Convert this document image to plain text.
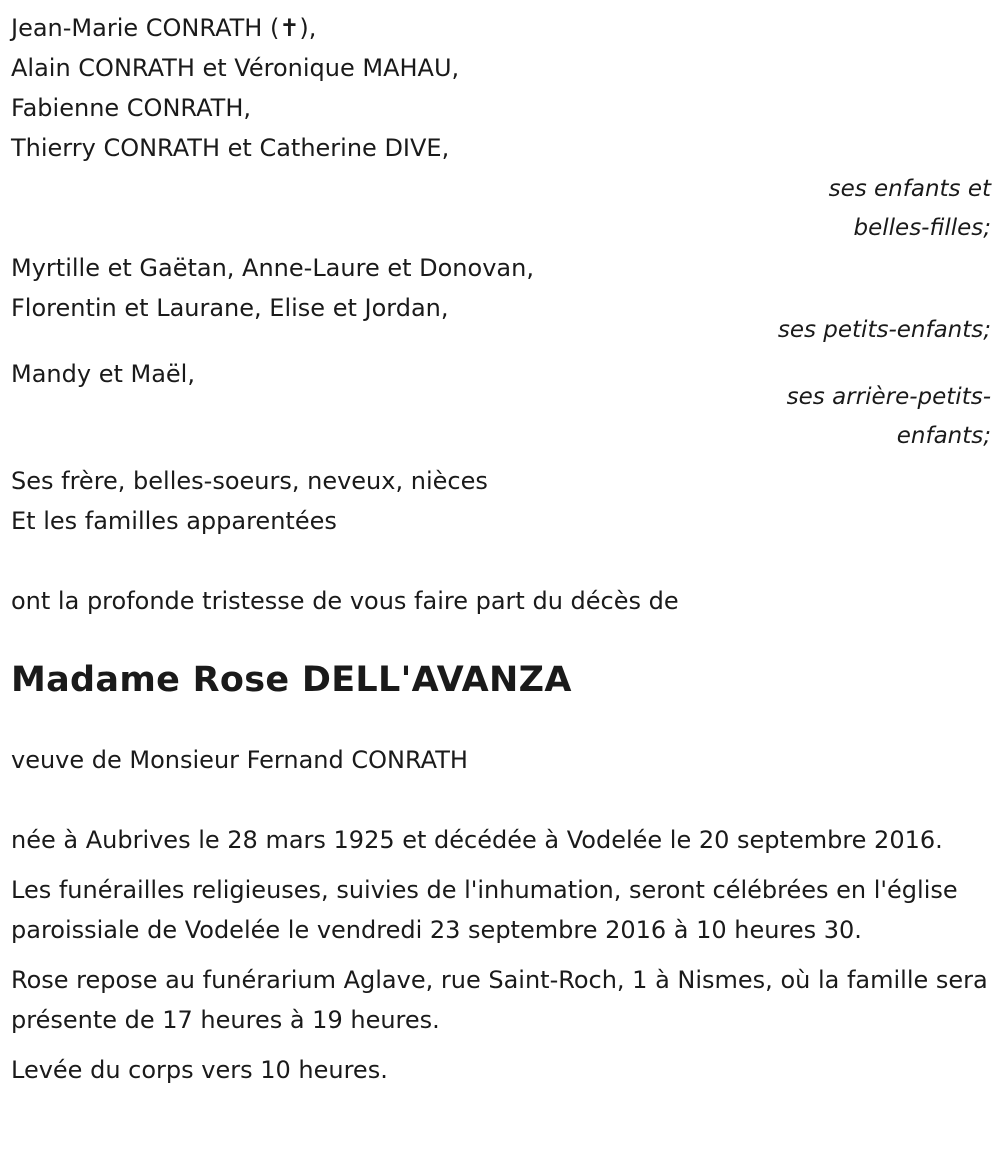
Jean-Marie CONRATH (✝),
Alain CONRATH et Véronique MAHAU,
Fabienne CONRATH,
Thierry CONRATH et Catherine DIVE,
ses enfants et
belles-filles;
Myrtille et Gaëtan, Anne-Laure et Donovan,
Florentin et Laurane, Elise et Jordan,
ses petits-enfants;
Mandy et Maël,
ses arrière-petits-
enfants;
Ses frère, belles-soeurs, neveux, nièces
Et les familles apparentées
ont la profonde tristesse de vous faire part du décès de
Madame Rose DELL'AVANZA
veuve de Monsieur Fernand CONRATH
née à Aubrives le 28 mars 1925 et décédée à Vodelée le 20 septembre 2016.
Les funérailles religieuses, suivies de l'inhumation, seront célébrées en l'église paroissiale de Vodelée le vendredi 23 septembre 2016 à 10 heures 30.
Rose repose au funérarium Aglave, rue Saint-Roch, 1 à Nismes, où la famille sera présente de 17 heures à 19 heures.
Levée du corps vers 10 heures.
